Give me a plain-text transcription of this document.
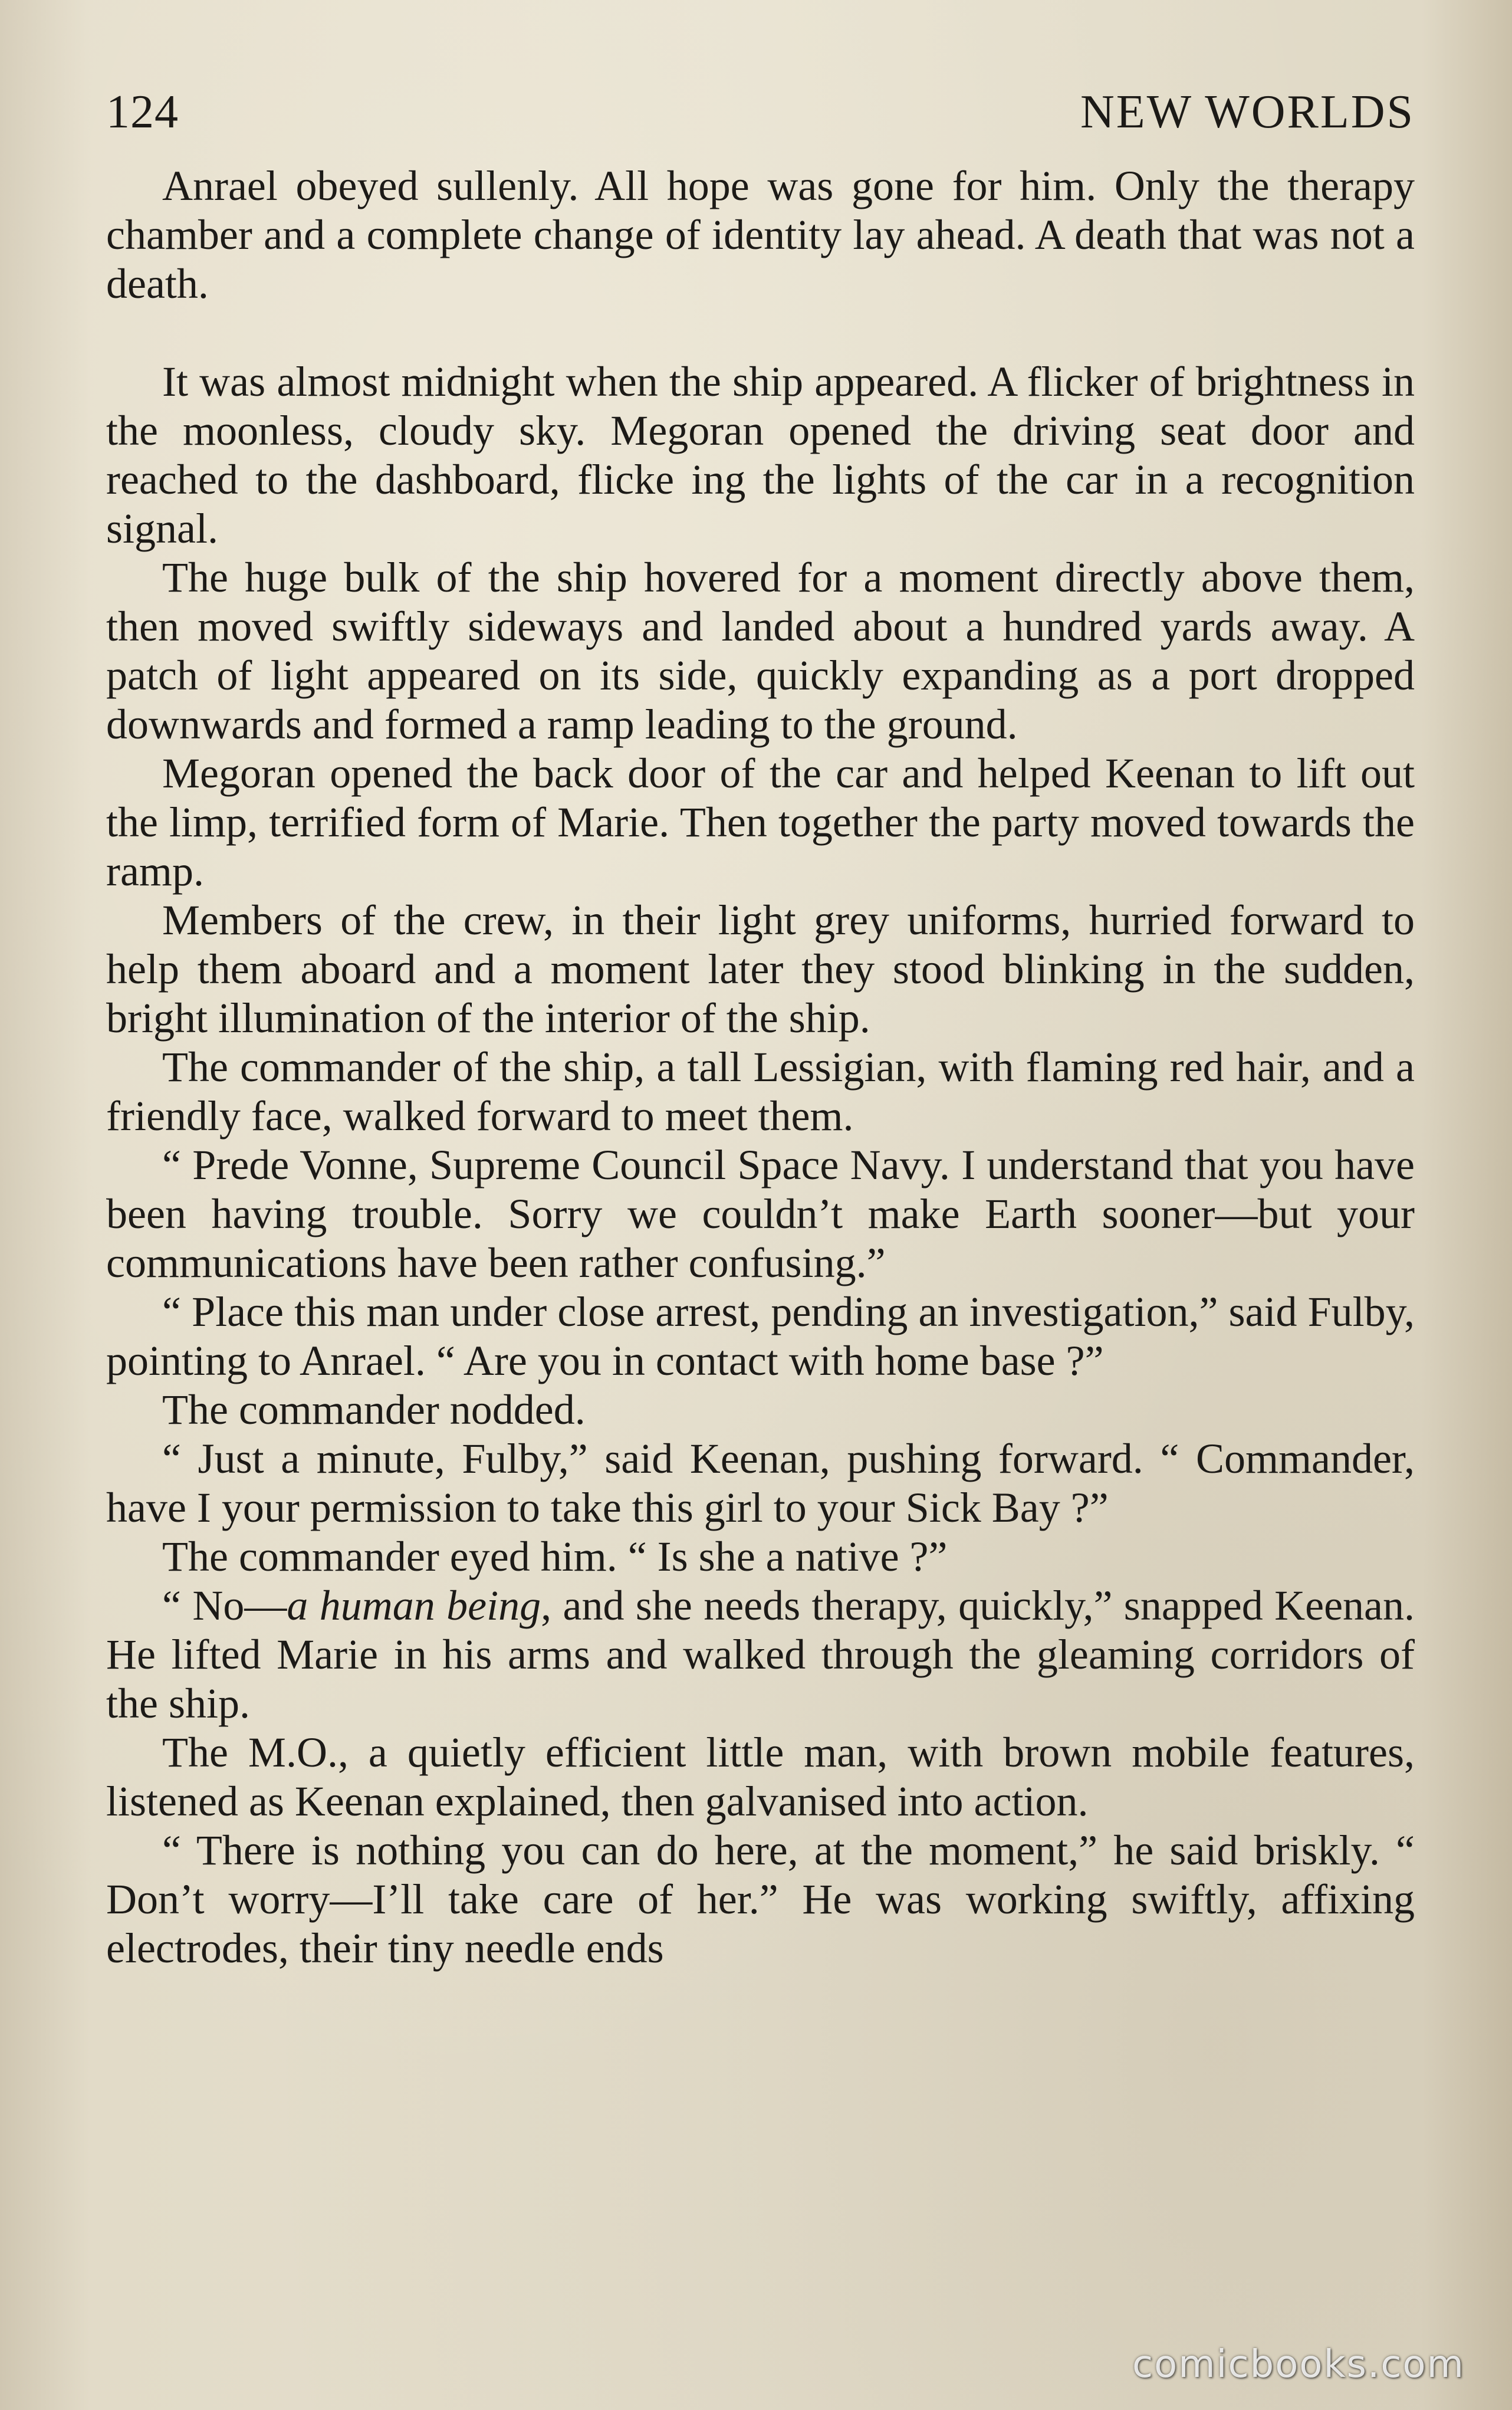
124	NEW WORLDS

Anrael obeyed sullenly. All hope was gone for him. Only the therapy chamber and a complete change of identity lay ahead. A death that was not a death.

It was almost midnight when the ship appeared. A flicker of brightness in the moonless, cloudy sky. Megoran opened the driving seat door and reached to the dashboard, flicke ing the lights of the car in a recognition signal.

The huge bulk of the ship hovered for a moment directly above them, then moved swiftly sideways and landed about a hundred yards away. A patch of light appeared on its side, quickly expanding as a port dropped downwards and formed a ramp leading to the ground.

Megoran opened the back door of the car and helped Keenan to lift out the limp, terrified form of Marie. Then together the party moved towards the ramp.

Members of the crew, in their light grey uniforms, hurried forward to help them aboard and a moment later they stood blinking in the sudden, bright illumination of the interior of the ship.

The commander of the ship, a tall Lessigian, with flaming red hair, and a friendly face, walked forward to meet them.

“ Prede Vonne, Supreme Council Space Navy. I understand that you have been having trouble. Sorry we couldn’t make Earth sooner—but your communications have been rather confusing.”

“ Place this man under close arrest, pending an investigation,” said Fulby, pointing to Anrael. “ Are you in contact with home base ?”

The commander nodded.

“ Just a minute, Fulby,” said Keenan, pushing forward. “ Commander, have I your permission to take this girl to your Sick Bay ?”

The commander eyed him. “ Is she a native ?”

“ No—a human being, and she needs therapy, quickly,” snapped Keenan. He lifted Marie in his arms and walked through the gleaming corridors of the ship.

The M.O., a quietly efficient little man, with brown mobile features, listened as Keenan explained, then galvanised into action.

“ There is nothing you can do here, at the moment,” he said briskly. “ Don’t worry—I’ll take care of her.” He was working swiftly, affixing electrodes, their tiny needle ends

comicbooks.com
